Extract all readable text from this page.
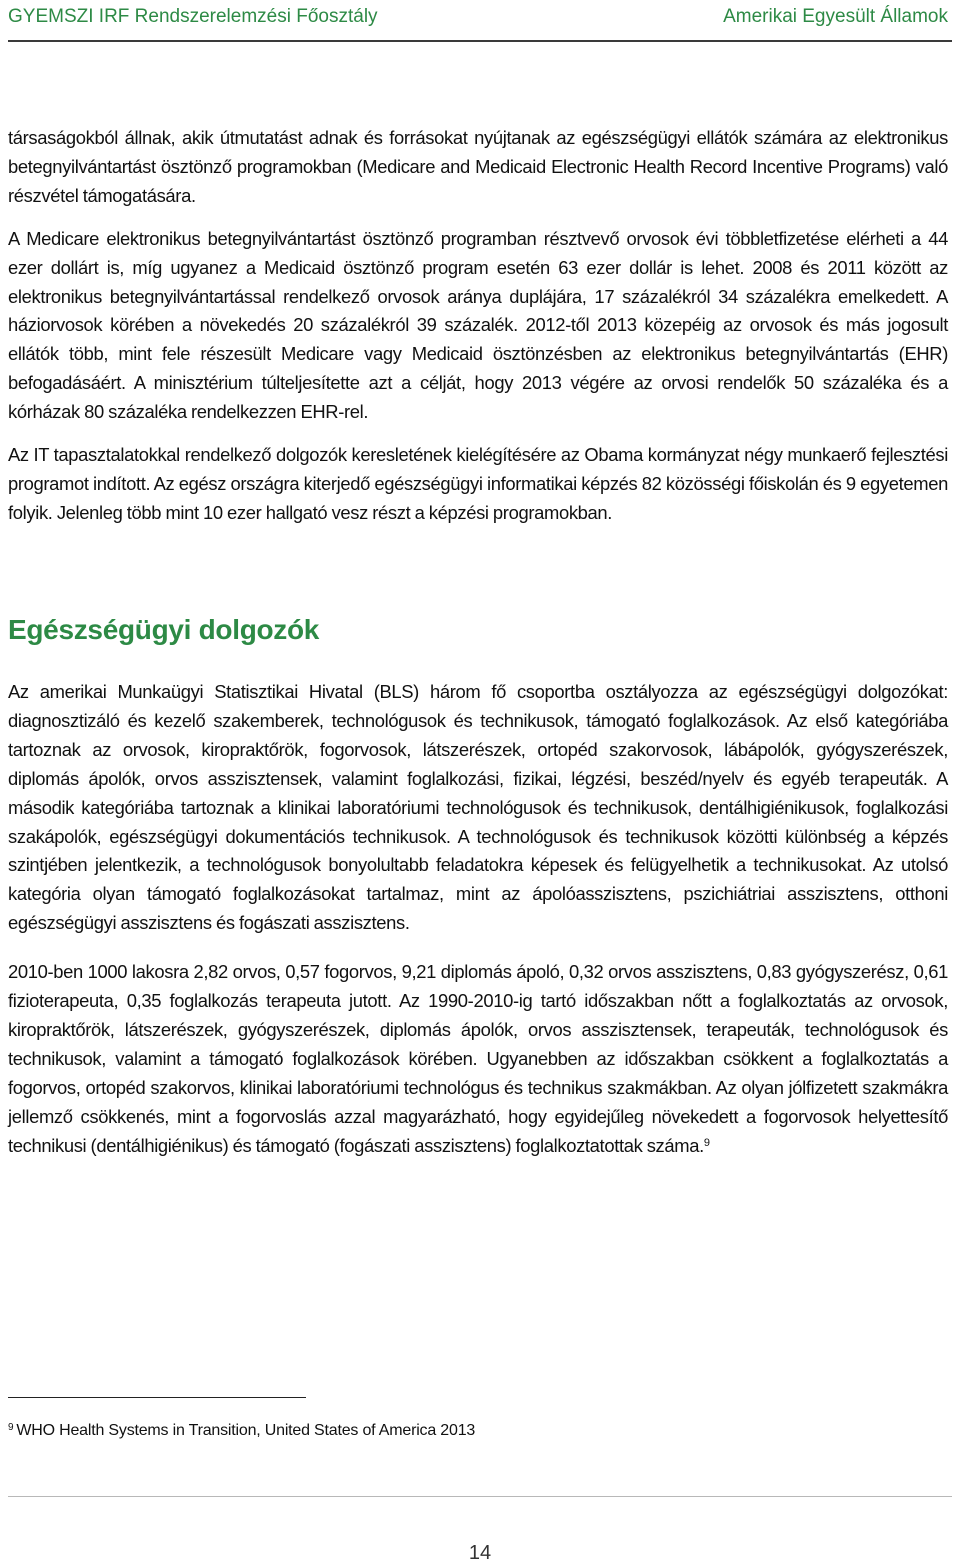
GYEMSZI IRF Rendszerelemzési Főosztály	Amerikai Egyesült Államok

társaságokból állnak, akik útmutatást adnak és forrásokat nyújtanak az egészségügyi ellátók számára az elektronikus betegnyilvántartást ösztönző programokban (Medicare and Medicaid Electronic Health Record Incentive Programs) való részvétel támogatására.

A Medicare elektronikus betegnyilvántartást ösztönző programban résztvevő orvosok évi többletfizetése elérheti a 44 ezer dollárt is, míg ugyanez a Medicaid ösztönző program esetén 63 ezer dollár is lehet. 2008 és 2011 között az elektronikus betegnyilvántartással rendelkező orvosok aránya duplájára, 17 százalékról 34 százalékra emelkedett. A háziorvosok körében a növekedés 20 százalékról 39 százalék. 2012-től 2013 közepéig az orvosok és más jogosult ellátók több, mint fele részesült Medicare vagy Medicaid ösztönzésben az elektronikus betegnyilvántartás (EHR) befogadásáért. A minisztérium túlteljesítette azt a célját, hogy 2013 végére az orvosi rendelők 50 százaléka és a kórházak 80 százaléka rendelkezzen EHR-rel.

Az IT tapasztalatokkal rendelkező dolgozók keresletének kielégítésére az Obama kormányzat négy munkaerő fejlesztési programot indított. Az egész országra kiterjedő egészségügyi informatikai képzés 82 közösségi főiskolán és 9 egyetemen folyik. Jelenleg több mint 10 ezer hallgató vesz részt a képzési programokban.

Egészségügyi dolgozók

Az amerikai Munkaügyi Statisztikai Hivatal (BLS) három fő csoportba osztályozza az egészségügyi dolgozókat: diagnosztizáló és kezelő szakemberek, technológusok és technikusok, támogató foglalkozások. Az első kategóriába tartoznak az orvosok, kiropraktőrök, fogorvosok, látszerészek, ortopéd szakorvosok, lábápolók, gyógyszerészek, diplomás ápolók, orvos asszisztensek, valamint foglalkozási, fizikai, légzési, beszéd/nyelv és egyéb terapeuták. A második kategóriába tartoznak a klinikai laboratóriumi technológusok és technikusok, dentálhigiénikusok, foglalkozási szakápolók, egészségügyi dokumentációs technikusok. A technológusok és technikusok közötti különbség a képzés szintjében jelentkezik, a technológusok bonyolultabb feladatokra képesek és felügyelhetik a technikusokat. Az utolsó kategória olyan támogató foglalkozásokat tartalmaz, mint az ápolóasszisztens, pszichiátriai asszisztens, otthoni egészségügyi asszisztens és fogászati asszisztens.

2010-ben 1000 lakosra 2,82 orvos, 0,57 fogorvos, 9,21 diplomás ápoló, 0,32 orvos asszisztens, 0,83 gyógyszerész, 0,61 fizioterapeuta, 0,35 foglalkozás terapeuta jutott. Az 1990-2010-ig tartó időszakban nőtt a foglalkoztatás az orvosok, kiropraktőrök, látszerészek, gyógyszerészek, diplomás ápolók, orvos asszisztensek, terapeuták, technológusok és technikusok, valamint a támogató foglalkozások körében. Ugyanebben az időszakban csökkent a foglalkoztatás a fogorvos, ortopéd szakorvos, klinikai laboratóriumi technológus és technikus szakmákban. Az olyan jólfizetett szakmákra jellemző csökkenés, mint a fogorvoslás azzal magyarázható, hogy egyidejűleg növekedett a fogorvosok helyettesítő technikusi (dentálhigiénikus) és támogató (fogászati asszisztens) foglalkoztatottak száma.$^9$

$^9$ WHO Health Systems in Transition, United States of America 2013
14
